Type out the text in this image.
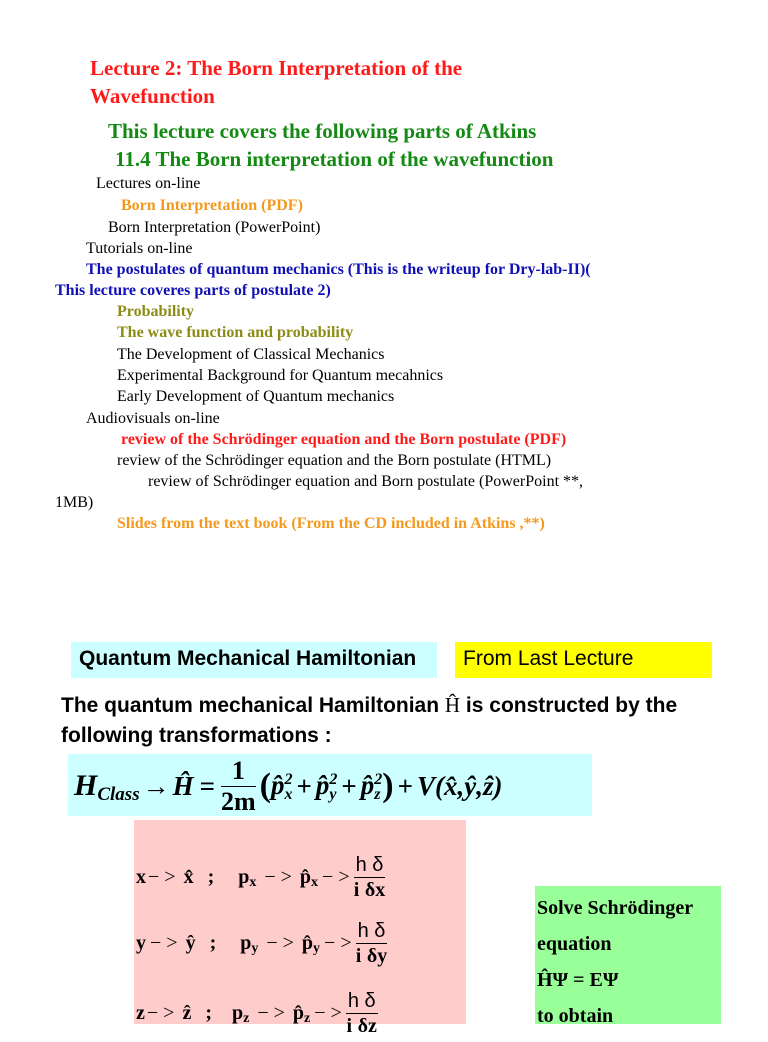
Lecture 2: The Born Interpretation of the
Wavefunction
This lecture covers the following parts of Atkins
11.4 The Born interpretation of the wavefunction
Lectures on-line
Born Interpretation (PDF)
Born Interpretation (PowerPoint)
Tutorials on-line
The postulates of quantum mechanics (This is the writeup for Dry-lab-II)(
This lecture coveres parts of postulate 2)
Probability
The wave function and probability
The Development of Classical Mechanics
Experimental Background for Quantum mecahnics
Early Development of Quantum mechanics
Audiovisuals on-line
review of the Schrödinger equation and the Born postulate (PDF)
review of the Schrödinger equation and the Born postulate (HTML)
review of Schrödinger equation and Born postulate (PowerPoint **,
1MB)
Slides from the text book (From the CD included in Atkins ,**)
Quantum Mechanical Hamiltonian From Last Lecture
The quantum mechanical Hamiltonian Ĥ is constructed by the
following transformations :
H Class → Ĥ = $\frac{1}{2m}$ ( p̂ 2
x + p̂ 2
y + p̂ 2
z ) + V (x̂,ŷ,ẑ)
x − > x̂ ; p x − > p̂ x − > $\frac{\text{h δ}}{\text{i δx}}$
y − > ŷ ; p y − > p̂ y − > $\frac{\text{h δ}}{\text{i δy}}$
z − > ẑ ; p z − > p̂ z − > $\frac{\text{h δ}}{\text{i δz}}$
Solve Schrödinger
equation
ĤΨ = EΨ
to obtain
